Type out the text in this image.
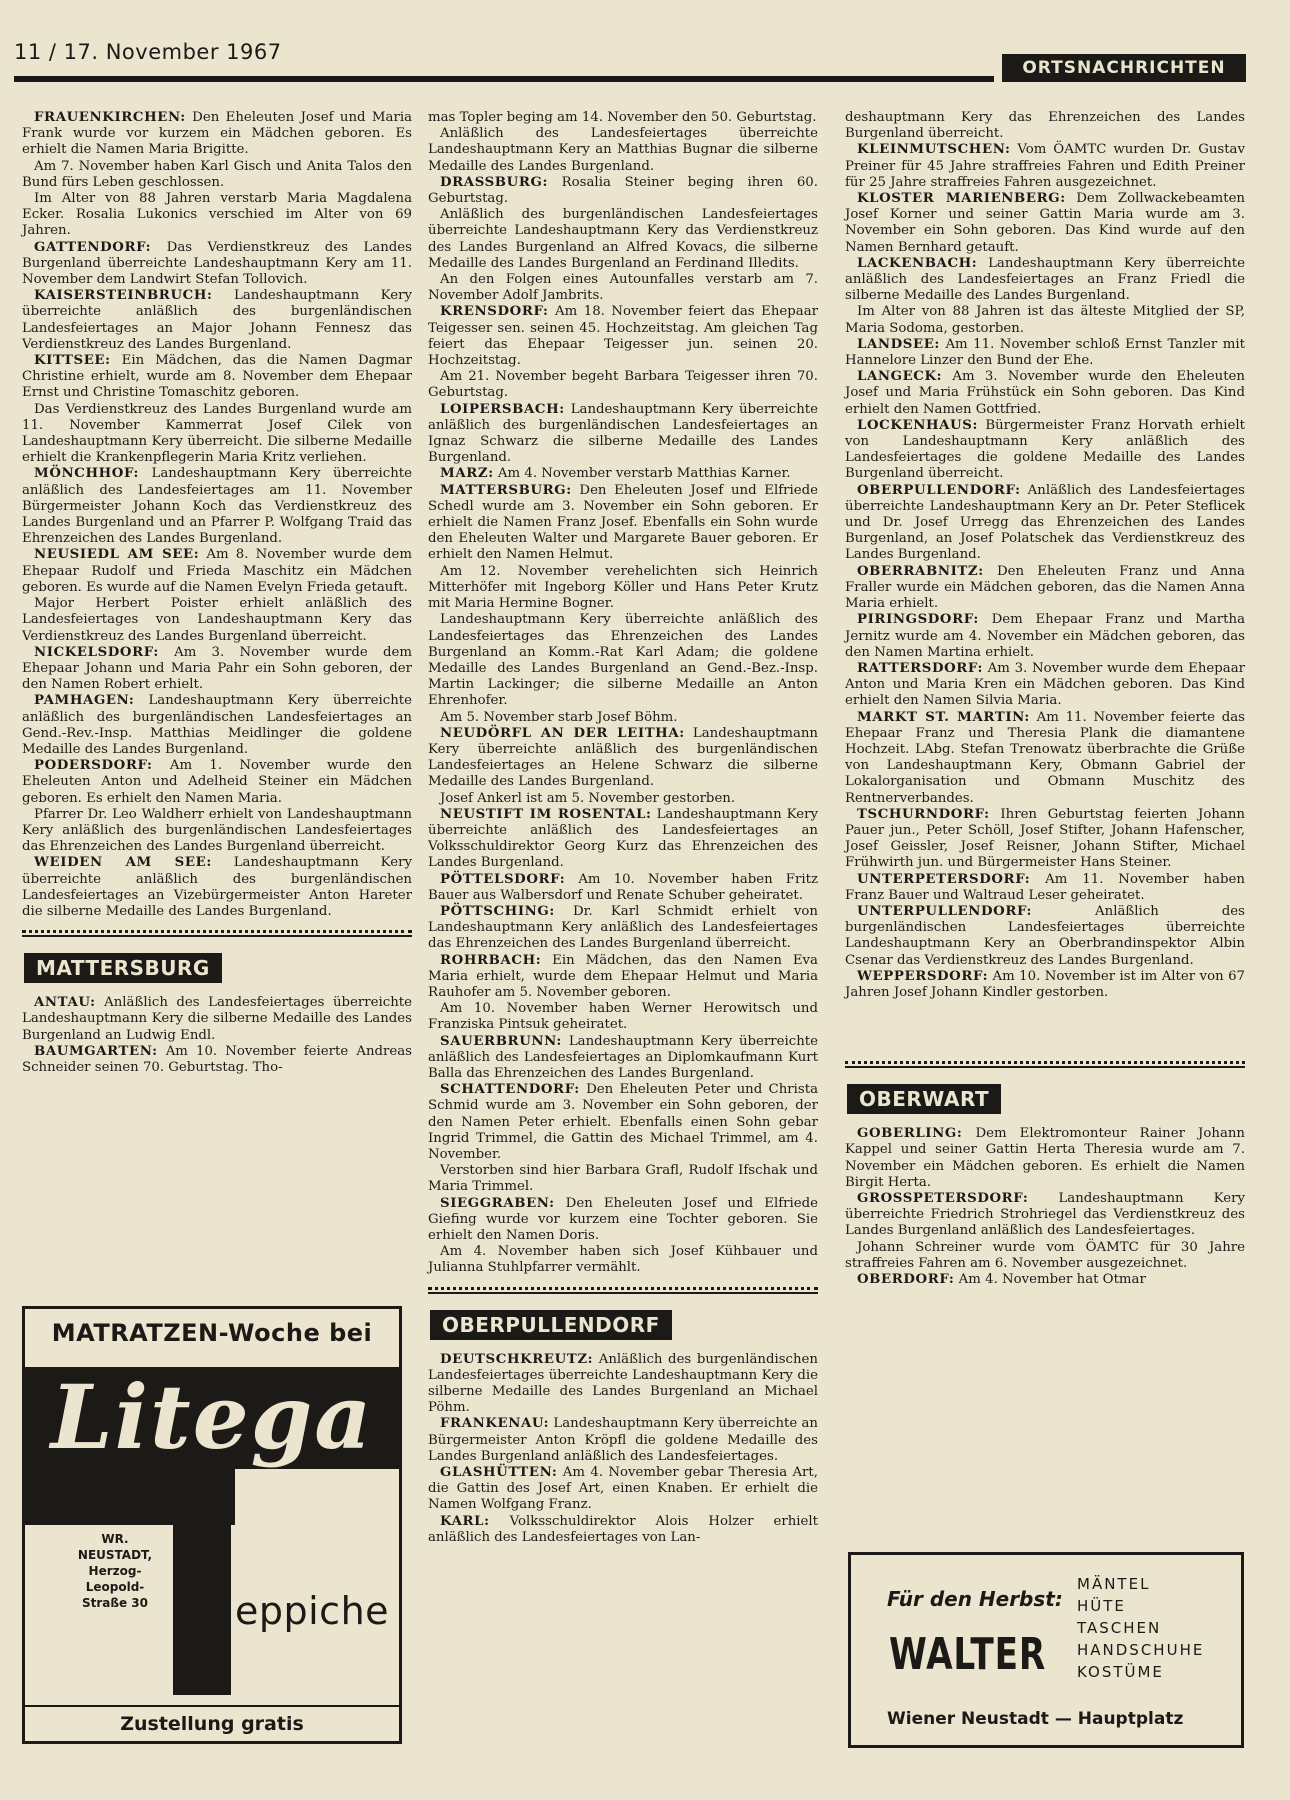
11 / 17. November 1967
ORTSNACHRICHTEN

FRAUENKIRCHEN: Den Eheleuten Josef und Maria Frank wurde vor kurzem ein Mädchen geboren. Es erhielt die Namen Maria Brigitte.

Am 7. November haben Karl Gisch und Anita Talos den Bund fürs Leben geschlossen.

Im Alter von 88 Jahren verstarb Maria Magdalena Ecker. Rosalia Lukonics verschied im Alter von 69 Jahren.

GATTENDORF: Das Verdienstkreuz des Landes Burgenland überreichte Landeshauptmann Kery am 11. November dem Landwirt Stefan Tollovich.

KAISERSTEINBRUCH: Landeshauptmann Kery überreichte anläßlich des burgenländischen Landesfeiertages an Major Johann Fennesz das Verdienstkreuz des Landes Burgenland.

KITTSEE: Ein Mädchen, das die Namen Dagmar Christine erhielt, wurde am 8. November dem Ehepaar Ernst und Christine Tomaschitz geboren.

Das Verdienstkreuz des Landes Burgenland wurde am 11. November Kammerrat Josef Cilek von Landeshauptmann Kery überreicht. Die silberne Medaille erhielt die Krankenpflegerin Maria Kritz verliehen.

MÖNCHHOF: Landeshauptmann Kery überreichte anläßlich des Landesfeiertages am 11. November Bürgermeister Johann Koch das Verdienstkreuz des Landes Burgenland und an Pfarrer P. Wolfgang Traid das Ehrenzeichen des Landes Burgenland.

NEUSIEDL AM SEE: Am 8. November wurde dem Ehepaar Rudolf und Frieda Maschitz ein Mädchen geboren. Es wurde auf die Namen Evelyn Frieda getauft.

Major Herbert Poister erhielt anläßlich des Landesfeiertages von Landeshauptmann Kery das Verdienstkreuz des Landes Burgenland überreicht.

NICKELSDORF: Am 3. November wurde dem Ehepaar Johann und Maria Pahr ein Sohn geboren, der den Namen Robert erhielt.

PAMHAGEN: Landeshauptmann Kery überreichte anläßlich des burgenländischen Landesfeiertages an Gend.-Rev.-Insp. Matthias Meidlinger die goldene Medaille des Landes Burgenland.

PODERSDORF: Am 1. November wurde den Eheleuten Anton und Adelheid Steiner ein Mädchen geboren. Es erhielt den Namen Maria.

Pfarrer Dr. Leo Waldherr erhielt von Landeshauptmann Kery anläßlich des burgenländischen Landesfeiertages das Ehrenzeichen des Landes Burgenland überreicht.

WEIDEN AM SEE: Landeshauptmann Kery überreichte anläßlich des burgenländischen Landesfeiertages an Vizebürgermeister Anton Hareter die silberne Medaille des Landes Burgenland.

MATTERSBURG

ANTAU: Anläßlich des Landesfeiertages überreichte Landeshauptmann Kery die silberne Medaille des Landes Burgenland an Ludwig Endl.

BAUMGARTEN: Am 10. November feierte Andreas Schneider seinen 70. Geburtstag. Tho-

mas Topler beging am 14. November den 50. Geburtstag.

Anläßlich des Landesfeiertages überreichte Landeshauptmann Kery an Matthias Bugnar die silberne Medaille des Landes Burgenland.

DRASSBURG: Rosalia Steiner beging ihren 60. Geburtstag.

Anläßlich des burgenländischen Landesfeiertages überreichte Landeshauptmann Kery das Verdienstkreuz des Landes Burgenland an Alfred Kovacs, die silberne Medaille des Landes Burgenland an Ferdinand Illedits.

An den Folgen eines Autounfalles verstarb am 7. November Adolf Jambrits.

KRENSDORF: Am 18. November feiert das Ehepaar Teigesser sen. seinen 45. Hochzeitstag. Am gleichen Tag feiert das Ehepaar Teigesser jun. seinen 20. Hochzeitstag.

Am 21. November begeht Barbara Teigesser ihren 70. Geburtstag.

LOIPERSBACH: Landeshauptmann Kery überreichte anläßlich des burgenländischen Landesfeiertages an Ignaz Schwarz die silberne Medaille des Landes Burgenland.

MARZ: Am 4. November verstarb Matthias Karner.

MATTERSBURG: Den Eheleuten Josef und Elfriede Schedl wurde am 3. November ein Sohn geboren. Er erhielt die Namen Franz Josef. Ebenfalls ein Sohn wurde den Eheleuten Walter und Margarete Bauer geboren. Er erhielt den Namen Helmut.

Am 12. November verehelichten sich Heinrich Mitterhöfer mit Ingeborg Köller und Hans Peter Krutz mit Maria Hermine Bogner.

Landeshauptmann Kery überreichte anläßlich des Landesfeiertages das Ehrenzeichen des Landes Burgenland an Komm.-Rat Karl Adam; die goldene Medaille des Landes Burgenland an Gend.-Bez.-Insp. Martin Lackinger; die silberne Medaille an Anton Ehrenhofer.

Am 5. November starb Josef Böhm.

NEUDÖRFL AN DER LEITHA: Landeshauptmann Kery überreichte anläßlich des burgenländischen Landesfeiertages an Helene Schwarz die silberne Medaille des Landes Burgenland.

Josef Ankerl ist am 5. November gestorben.

NEUSTIFT IM ROSENTAL: Landeshauptmann Kery überreichte anläßlich des Landesfeiertages an Volksschuldirektor Georg Kurz das Ehrenzeichen des Landes Burgenland.

PÖTTELSDORF: Am 10. November haben Fritz Bauer aus Walbersdorf und Renate Schuber geheiratet.

PÖTTSCHING: Dr. Karl Schmidt erhielt von Landeshauptmann Kery anläßlich des Landesfeiertages das Ehrenzeichen des Landes Burgenland überreicht.

ROHRBACH: Ein Mädchen, das den Namen Eva Maria erhielt, wurde dem Ehepaar Helmut und Maria Rauhofer am 5. November geboren.

Am 10. November haben Werner Herowitsch und Franziska Pintsuk geheiratet.

SAUERBRUNN: Landeshauptmann Kery überreichte anläßlich des Landesfeiertages an Diplomkaufmann Kurt Balla das Ehrenzeichen des Landes Burgenland.

SCHATTENDORF: Den Eheleuten Peter und Christa Schmid wurde am 3. November ein Sohn geboren, der den Namen Peter erhielt. Ebenfalls einen Sohn gebar Ingrid Trimmel, die Gattin des Michael Trimmel, am 4. November.

Verstorben sind hier Barbara Grafl, Rudolf Ifschak und Maria Trimmel.

SIEGGRABEN: Den Eheleuten Josef und Elfriede Giefing wurde vor kurzem eine Tochter geboren. Sie erhielt den Namen Doris.

Am 4. November haben sich Josef Kühbauer und Julianna Stuhlpfarrer vermählt.

OBERPULLENDORF

DEUTSCHKREUTZ: Anläßlich des burgenländischen Landesfeiertages überreichte Landeshauptmann Kery die silberne Medaille des Landes Burgenland an Michael Pöhm.

FRANKENAU: Landeshauptmann Kery überreichte an Bürgermeister Anton Kröpfl die goldene Medaille des Landes Burgenland anläßlich des Landesfeiertages.

GLASHÜTTEN: Am 4. November gebar Theresia Art, die Gattin des Josef Art, einen Knaben. Er erhielt die Namen Wolfgang Franz.

KARL: Volksschuldirektor Alois Holzer erhielt anläßlich des Landesfeiertages von Lan-

deshauptmann Kery das Ehrenzeichen des Landes Burgenland überreicht.

KLEINMUTSCHEN: Vom ÖAMTC wurden Dr. Gustav Preiner für 45 Jahre straffreies Fahren und Edith Preiner für 25 Jahre straffreies Fahren ausgezeichnet.

KLOSTER MARIENBERG: Dem Zollwackebeamten Josef Korner und seiner Gattin Maria wurde am 3. November ein Sohn geboren. Das Kind wurde auf den Namen Bernhard getauft.

LACKENBACH: Landeshauptmann Kery überreichte anläßlich des Landesfeiertages an Franz Friedl die silberne Medaille des Landes Burgenland.

Im Alter von 88 Jahren ist das älteste Mitglied der SP, Maria Sodoma, gestorben.

LANDSEE: Am 11. November schloß Ernst Tanzler mit Hannelore Linzer den Bund der Ehe.

LANGECK: Am 3. November wurde den Eheleuten Josef und Maria Frühstück ein Sohn geboren. Das Kind erhielt den Namen Gottfried.

LOCKENHAUS: Bürgermeister Franz Horvath erhielt von Landeshauptmann Kery anläßlich des Landesfeiertages die goldene Medaille des Landes Burgenland überreicht.

OBERPULLENDORF: Anläßlich des Landesfeiertages überreichte Landeshauptmann Kery an Dr. Peter Steflicek und Dr. Josef Urregg das Ehrenzeichen des Landes Burgenland, an Josef Polatschek das Verdienstkreuz des Landes Burgenland.

OBERRABNITZ: Den Eheleuten Franz und Anna Fraller wurde ein Mädchen geboren, das die Namen Anna Maria erhielt.

PIRINGSDORF: Dem Ehepaar Franz und Martha Jernitz wurde am 4. November ein Mädchen geboren, das den Namen Martina erhielt.

RATTERSDORF: Am 3. November wurde dem Ehepaar Anton und Maria Kren ein Mädchen geboren. Das Kind erhielt den Namen Silvia Maria.

MARKT ST. MARTIN: Am 11. November feierte das Ehepaar Franz und Theresia Plank die diamantene Hochzeit. LAbg. Stefan Trenowatz überbrachte die Grüße von Landeshauptmann Kery, Obmann Gabriel der Lokalorganisation und Obmann Muschitz des Rentnerverbandes.

TSCHURNDORF: Ihren Geburtstag feierten Johann Pauer jun., Peter Schöll, Josef Stifter, Johann Hafenscher, Josef Geissler, Josef Reisner, Johann Stifter, Michael Frühwirth jun. und Bürgermeister Hans Steiner.

UNTERPETERSDORF: Am 11. November haben Franz Bauer und Waltraud Leser geheiratet.

UNTERPULLENDORF: Anläßlich des burgenländischen Landesfeiertages überreichte Landeshauptmann Kery an Oberbrandinspektor Albin Csenar das Verdienstkreuz des Landes Burgenland.

WEPPERSDORF: Am 10. November ist im Alter von 67 Jahren Josef Johann Kindler gestorben.

OBERWART

GOBERLING: Dem Elektromonteur Rainer Johann Kappel und seiner Gattin Herta Theresia wurde am 7. November ein Mädchen geboren. Es erhielt die Namen Birgit Herta.

GROSSPETERSDORF: Landeshauptmann Kery überreichte Friedrich Strohriegel das Verdienstkreuz des Landes Burgenland anläßlich des Landesfeiertages.

Johann Schreiner wurde vom ÖAMTC für 30 Jahre straffreies Fahren am 6. November ausgezeichnet.

OBERDORF: Am 4. November hat Otmar

MATRATZEN-Woche bei
Litega
WR. NEUSTADT, Herzog-Leopold-Straße 30	eppiche
Zustellung gratis
Für den Herbst:
MÄNTEL
HÜTE
TASCHEN
HANDSCHUHE
KOSTÜME
WALTER
Wiener Neustadt — Hauptplatz
